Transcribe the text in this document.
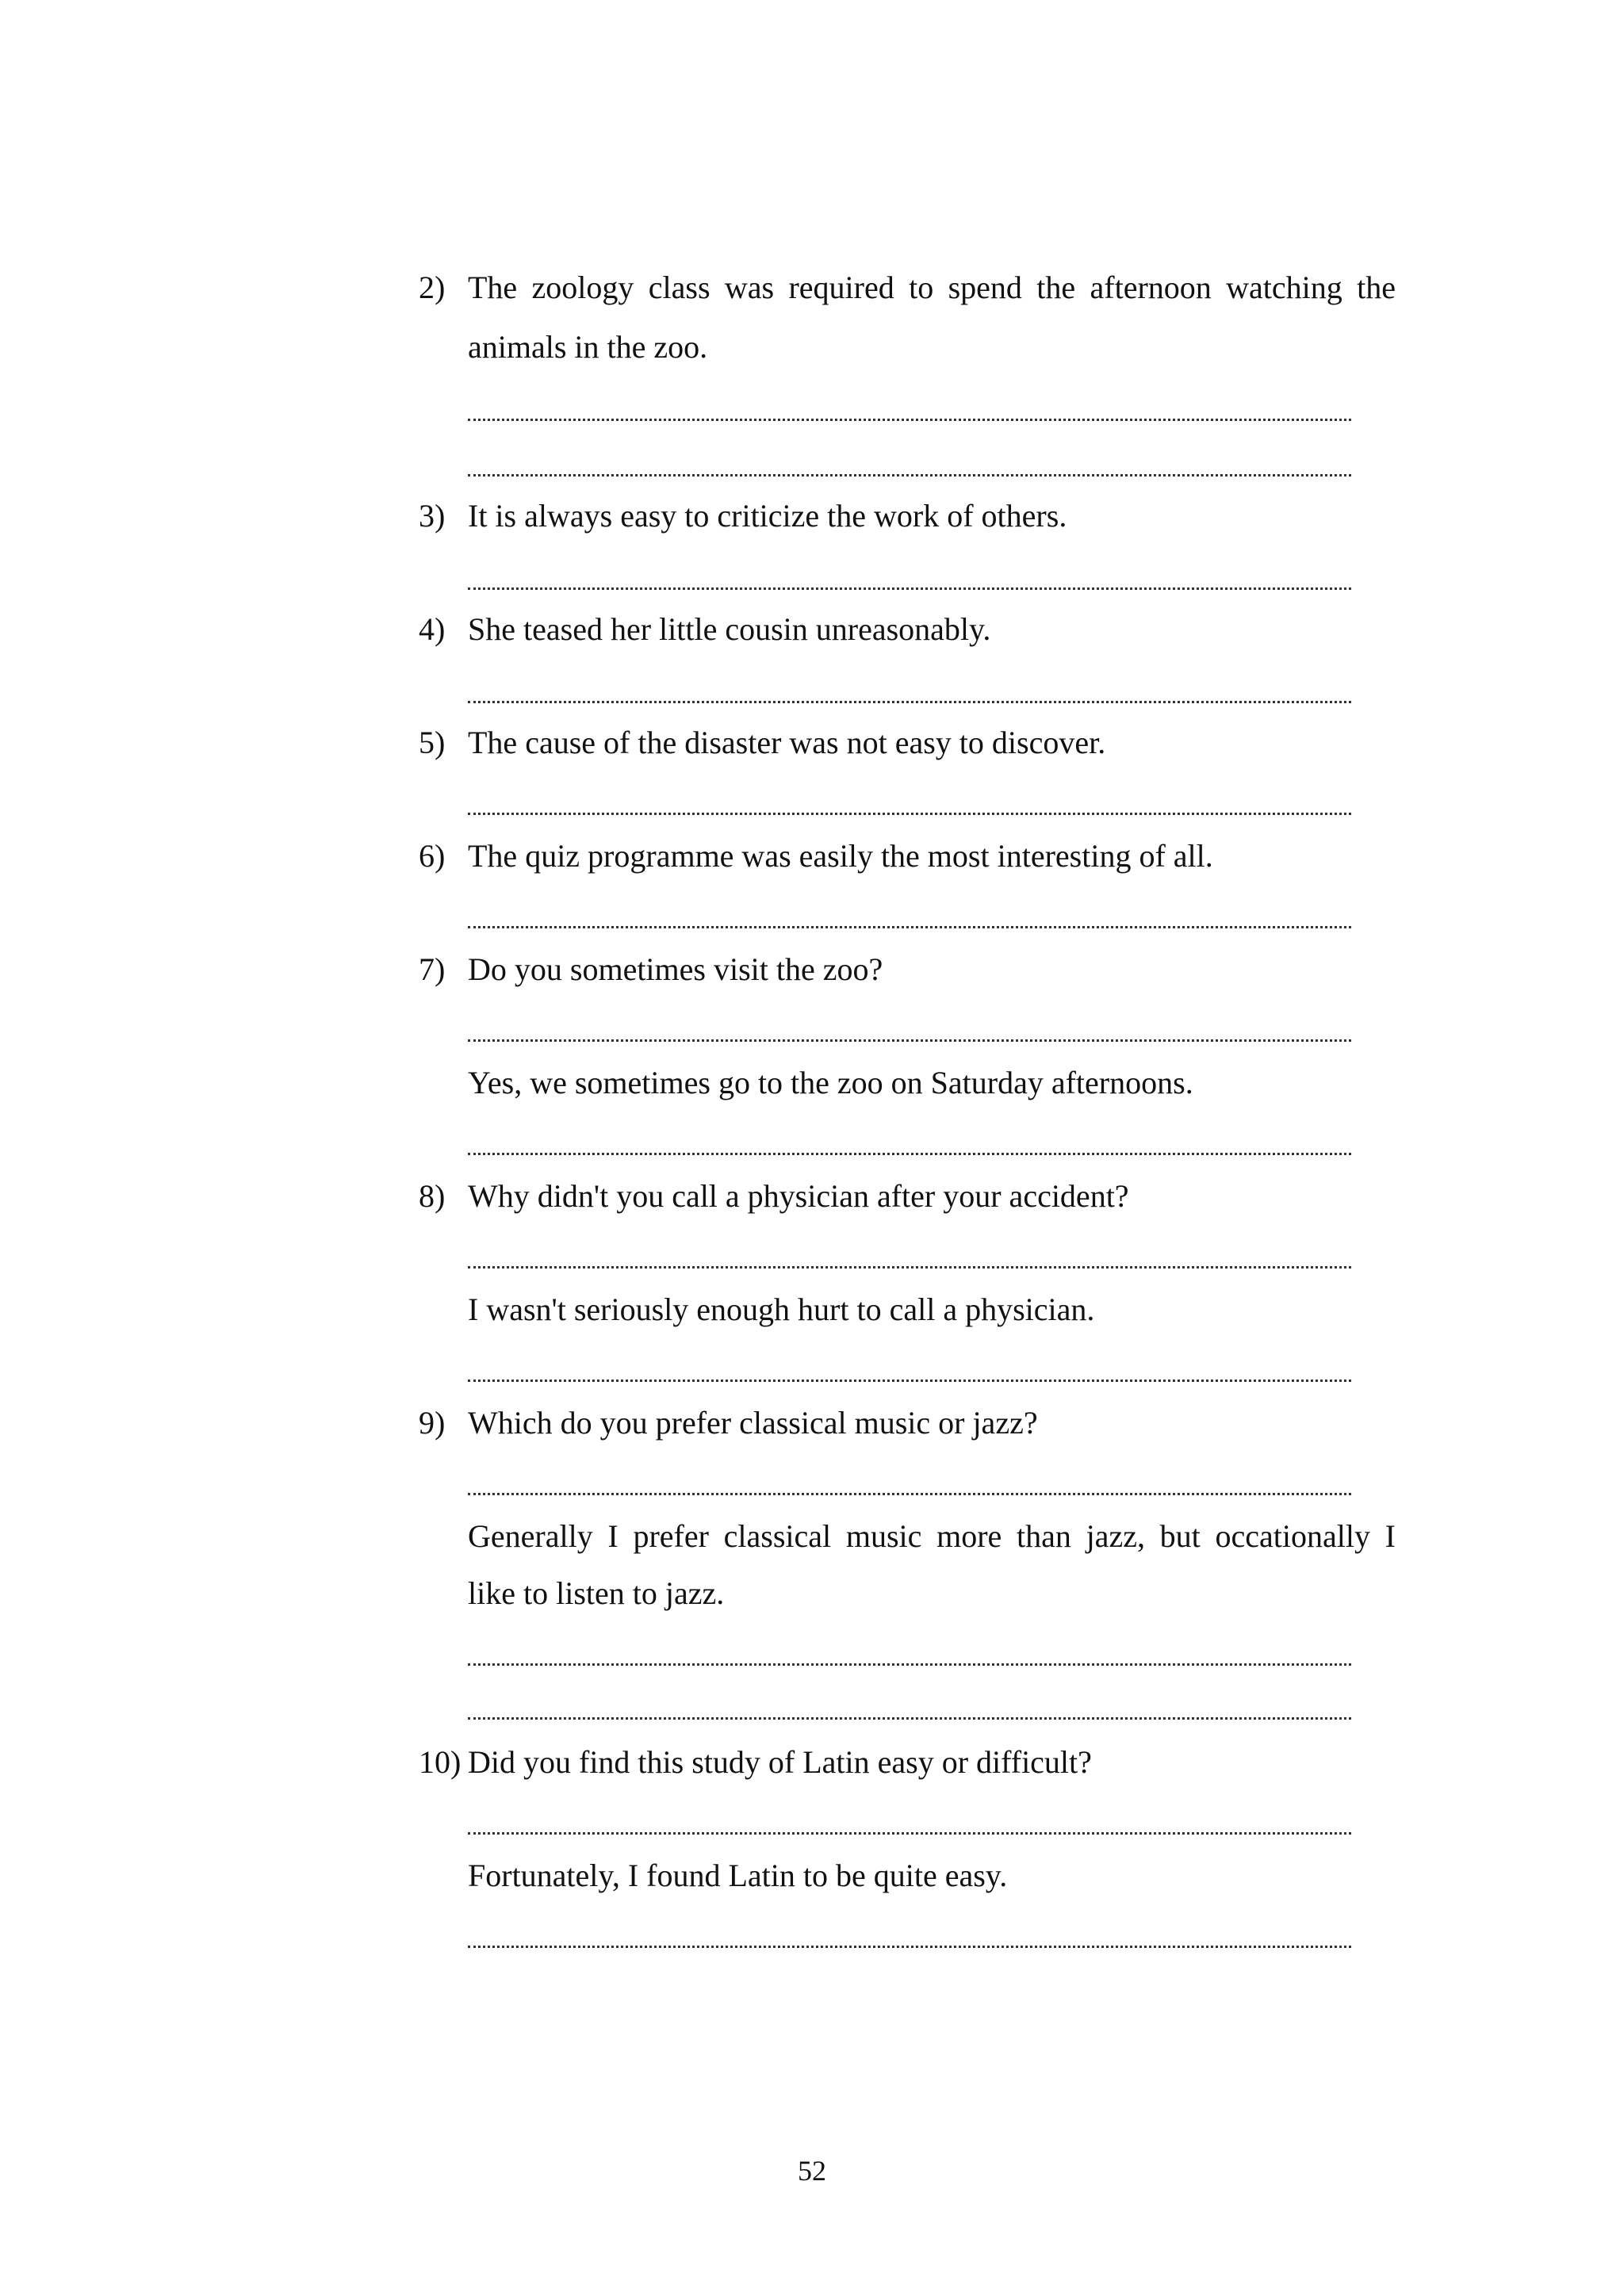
2) The zoology class was required to spend the afternoon watching the
animals in the zoo.
3) It is always easy to criticize the work of others.
4) She teased her little cousin unreasonably.
5) The cause of the disaster was not easy to discover.
6) The quiz programme was easily the most interesting of all.
7) Do you sometimes visit the zoo?
Yes, we sometimes go to the zoo on Saturday afternoons.
8) Why didn't you call a physician after your accident?
I wasn't seriously enough hurt to call a physician.
9) Which do you prefer classical music or jazz?
Generally I prefer classical music more than jazz, but occationally I
like to listen to jazz.
10) Did you find this study of Latin easy or difficult?
Fortunately, I found Latin to be quite easy.
52
